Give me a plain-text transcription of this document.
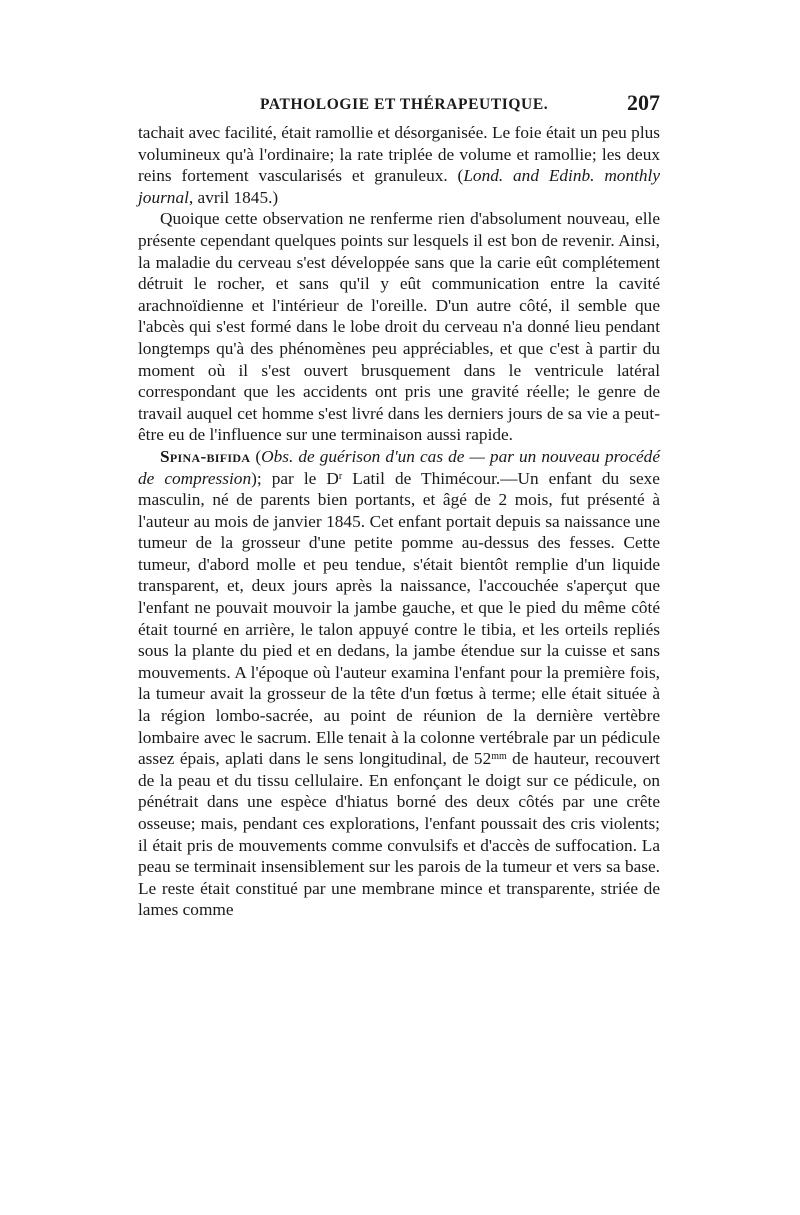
PATHOLOGIE ET THÉRAPEUTIQUE.	207

tachait avec facilité, était ramollie et désorganisée. Le foie était un peu plus volumineux qu'à l'ordinaire; la rate triplée de volume et ramollie; les deux reins fortement vascularisés et granuleux. (Lond. and Edinb. monthly journal, avril 1845.)

Quoique cette observation ne renferme rien d'absolument nouveau, elle présente cependant quelques points sur lesquels il est bon de revenir. Ainsi, la maladie du cerveau s'est développée sans que la carie eût complétement détruit le rocher, et sans qu'il y eût communication entre la cavité arachnoïdienne et l'intérieur de l'oreille. D'un autre côté, il semble que l'abcès qui s'est formé dans le lobe droit du cerveau n'a donné lieu pendant longtemps qu'à des phénomènes peu appréciables, et que c'est à partir du moment où il s'est ouvert brusquement dans le ventricule latéral correspondant que les accidents ont pris une gravité réelle; le genre de travail auquel cet homme s'est livré dans les derniers jours de sa vie a peut-être eu de l'influence sur une terminaison aussi rapide.

Spina-bifida (Obs. de guérison d'un cas de — par un nouveau procédé de compression); par le $D^r$ Latil de Thimécour.—Un enfant du sexe masculin, né de parents bien portants, et âgé de 2 mois, fut présenté à l'auteur au mois de janvier 1845. Cet enfant portait depuis sa naissance une tumeur de la grosseur d'une petite pomme au-dessus des fesses. Cette tumeur, d'abord molle et peu tendue, s'était bientôt remplie d'un liquide transparent, et, deux jours après la naissance, l'accouchée s'aperçut que l'enfant ne pouvait mouvoir la jambe gauche, et que le pied du même côté était tourné en arrière, le talon appuyé contre le tibia, et les orteils repliés sous la plante du pied et en dedans, la jambe étendue sur la cuisse et sans mouvements. A l'époque où l'auteur examina l'enfant pour la première fois, la tumeur avait la grosseur de la tête d'un fœtus à terme; elle était située à la région lombo-sacrée, au point de réunion de la dernière vertèbre lombaire avec le sacrum. Elle tenait à la colonne vertébrale par un pédicule assez épais, aplati dans le sens longitudinal, de $52^{mm}$ de hauteur, recouvert de la peau et du tissu cellulaire. En enfonçant le doigt sur ce pédicule, on pénétrait dans une espèce d'hiatus borné des deux côtés par une crête osseuse; mais, pendant ces explorations, l'enfant poussait des cris violents; il était pris de mouvements comme convulsifs et d'accès de suffocation. La peau se terminait insensiblement sur les parois de la tumeur et vers sa base. Le reste était constitué par une membrane mince et transparente, striée de lames comme
